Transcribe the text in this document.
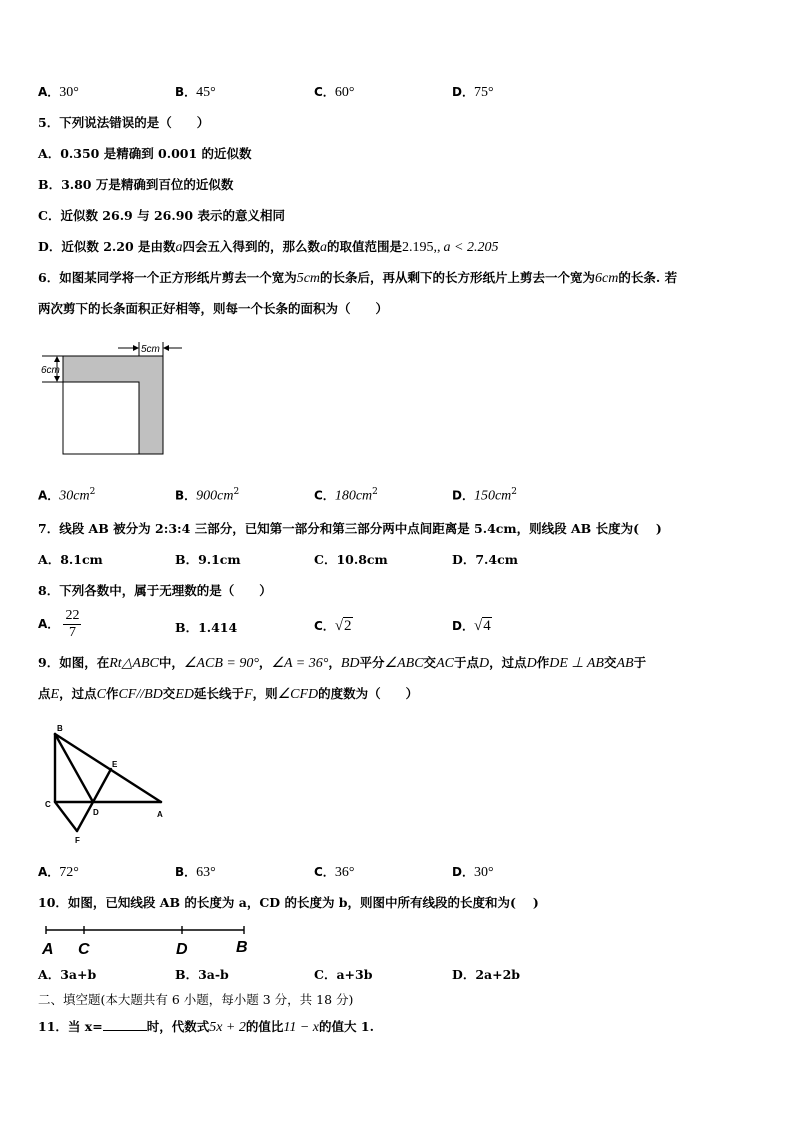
A．30°	B．45°	C．60°	D．75°
5．下列说法错误的是（　　）
A．0.350 是精确到 0.001 的近似数
B．3.80 万是精确到百位的近似数
C．近似数 26.9 与 26.90 表示的意义相同
D．近似数 2.20 是由数a四会五入得到的，那么数a的取值范围是2.195,, a < 2.205
6．如图某同学将一个正方形纸片剪去一个宽为5cm的长条后，再从剩下的长方形纸片上剪去一个宽为6cm的长条. 若
两次剪下的长条面积正好相等，则每一个长条的面积为（　　）
5cm
6cm
A．$30cm^2$	B．$900cm^2$	C．$180cm^2$	D．$150cm^2$
7．线段 AB 被分为 2:3:4 三部分，已知第一部分和第三部分两中点间距离是 5.4cm，则线段 AB 长度为(　 )
A．8.1cm	B．9.1cm	C．10.8cm	D．7.4cm
8．下列各数中，属于无理数的是（　　）
A． $\frac{22}{7}$	B．1.414	C．√2	D．√4
9．如图，在Rt△ABC中，∠ACB = 90°，∠A = 36°，BD平分∠ABC交AC于点D，过点D作DE ⊥ AB交AB于
点E，过点C作CF//BD交ED延长线于F，则∠CFD的度数为（　　）
B
E
C
D	A
F
A．72°	B．63°	C．36°	D．30°
10．如图，已知线段 AB 的长度为 a，CD 的长度为 b，则图中所有线段的长度和为(　 )
A C	D	B
A．3a+b	B．3a-b	C．a+3b	D．2a+2b
二、填空题(本大题共有 6 小题，每小题 3 分，共 18 分)
11．当 x=	时，代数式5x + 2的值比11 − x的值大 1.
